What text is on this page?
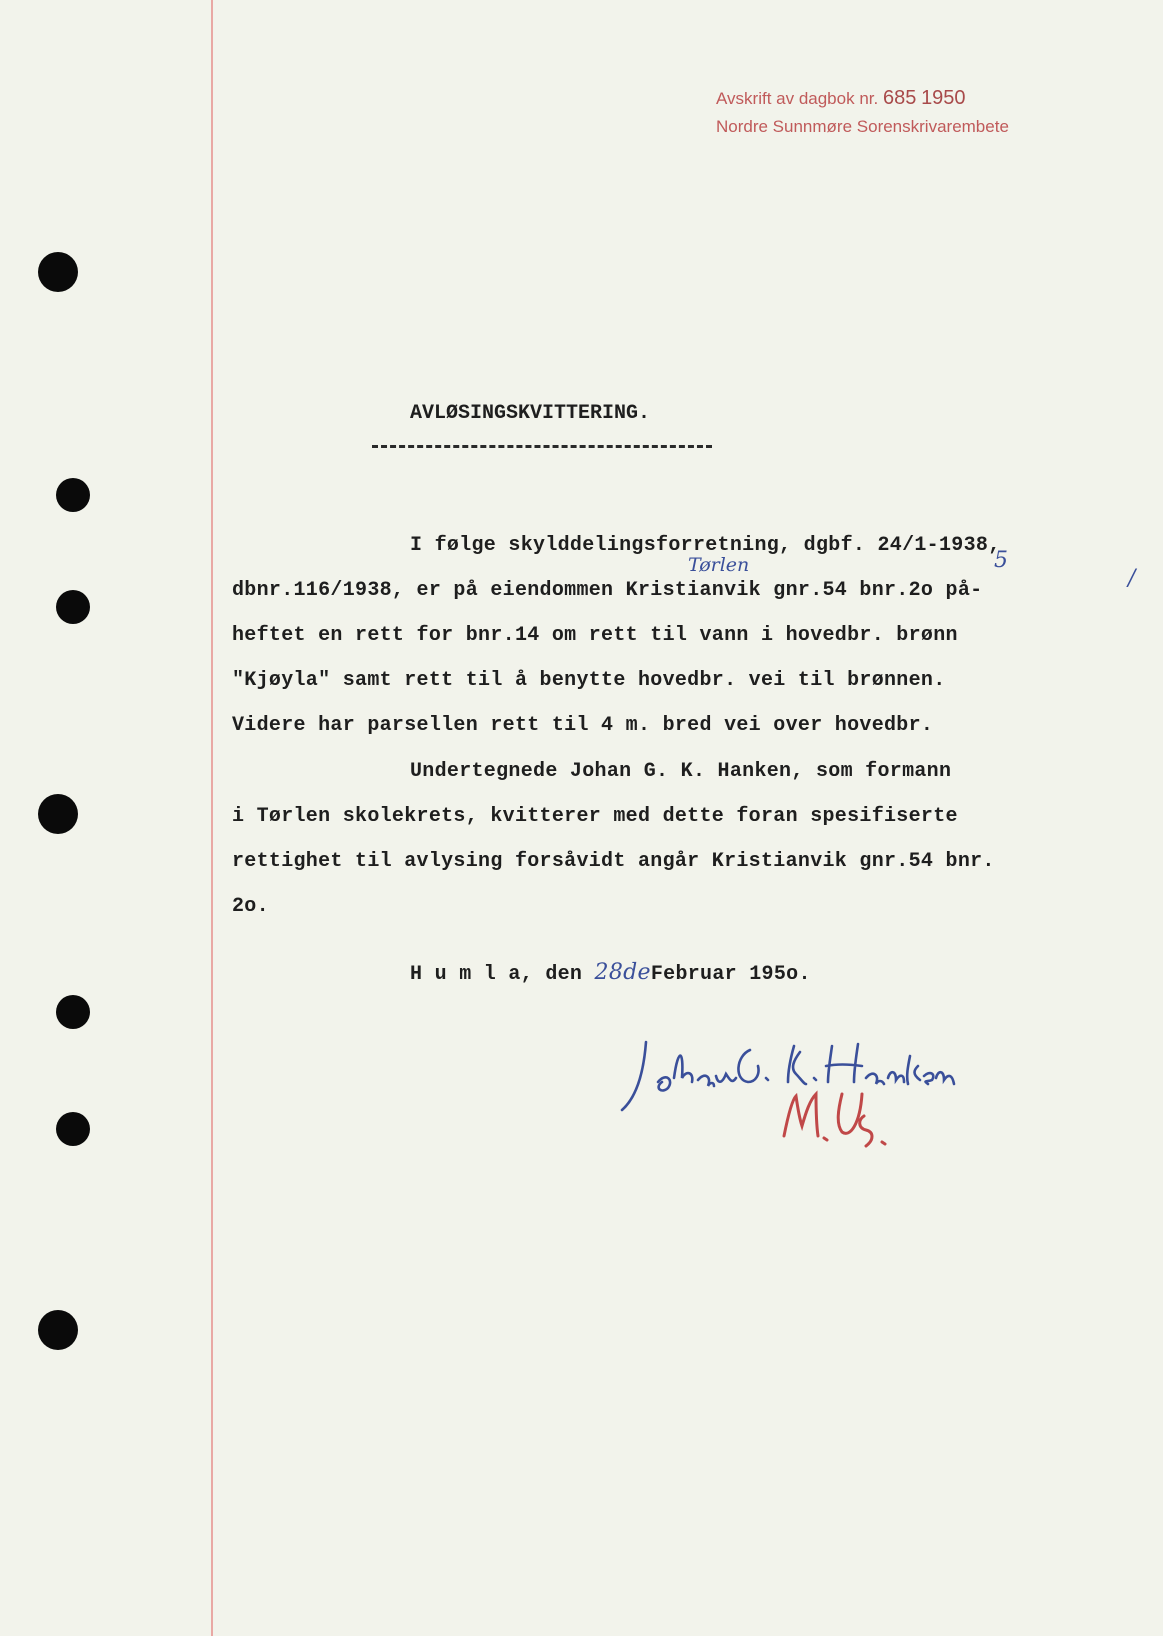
Avskrift av dagbok nr. 685 1950
Nordre Sunnmøre Sorenskrivarembete
AVLØSINGSKVITTERING.
I følge skylddelingsforretning, dgbf. 24/1-1938,
Tørlen	5
/
dbnr.116/1938, er på eiendommen Kristianvik gnr.54 bnr.2o på-
heftet en rett for bnr.14 om rett til vann i hovedbr. brønn
"Kjøyla" samt rett til å benytte hovedbr. vei til brønnen.
Videre har parsellen rett til 4 m. bred vei over hovedbr.
Undertegnede Johan G. K. Hanken, som formann
i Tørlen skolekrets, kvitterer med dette foran spesifiserte
rettighet til avlysing forsåvidt angår Kristianvik gnr.54 bnr.
2o.
H u m l a, den 28deFebruar 195o.
